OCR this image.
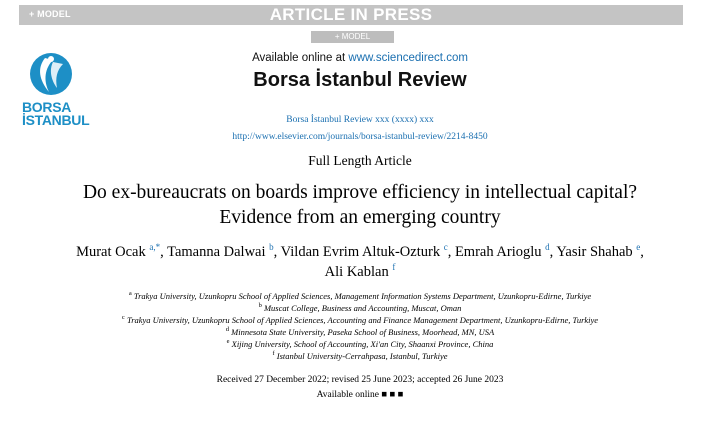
+ MODEL	ARTICLE IN PRESS
+ MODEL
Available online at www.sciencedirect.com
BORSA
İSTANBUL
Borsa İstanbul Review
Borsa İstanbul Review xxx (xxxx) xxx
http://www.elsevier.com/journals/borsa-istanbul-review/2214-8450
Full Length Article
Do ex-bureaucrats on boards improve efficiency in intellectual capital?
Evidence from an emerging country
Murat Ocak $^{a,*}$, Tamanna Dalwai $^b$, Vildan Evrim Altuk-Ozturk $^c$, Emrah Arioglu $^d$, Yasir Shahab $^e$,
Ali Kablan $^f$
$^a$ Trakya University, Uzunkopru School of Applied Sciences, Management Information Systems Department, Uzunkopru-Edirne, Turkiye
$^b$ Muscat College, Business and Accounting, Muscat, Oman
$^c$ Trakya University, Uzunkopru School of Applied Sciences, Accounting and Finance Management Department, Uzunkopru-Edirne, Turkiye
$^d$ Minnesota State University, Paseka School of Business, Moorhead, MN, USA
$^e$ Xijing University, School of Accounting, Xi'an City, Shaanxi Province, China
$^f$ Istanbul University-Cerrahpasa, Istanbul, Turkiye
Received 27 December 2022; revised 25 June 2023; accepted 26 June 2023
Available online ■ ■ ■
